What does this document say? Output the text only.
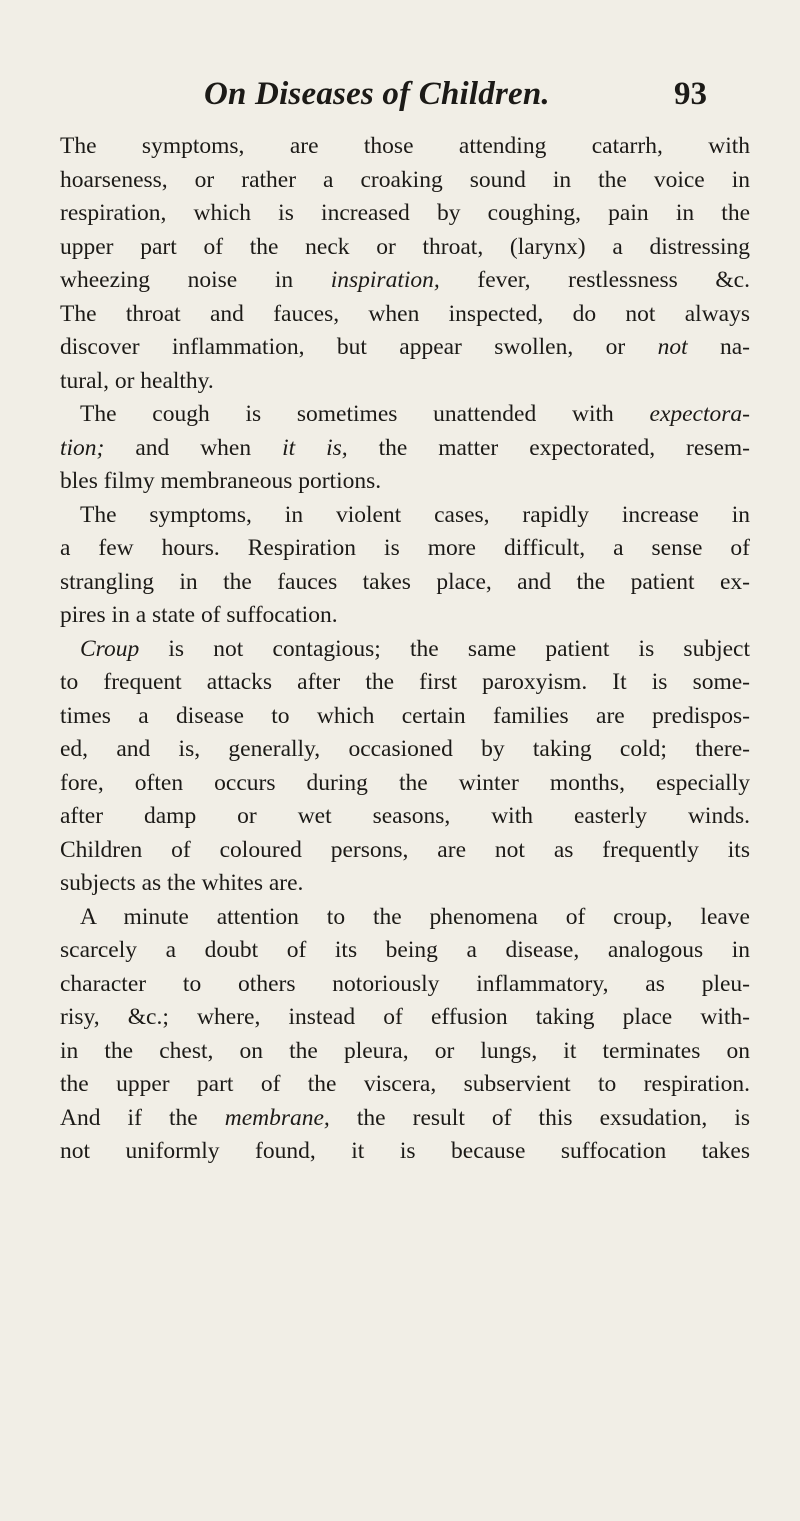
On Diseases of Children.	93
The symptoms, are those attending catarrh, with
hoarseness, or rather a croaking sound in the voice in
respiration, which is increased by coughing, pain in the
upper part of the neck or throat, (larynx) a distressing
wheezing noise in inspiration, fever, restlessness &c.
The throat and fauces, when inspected, do not always
discover inflammation, but appear swollen, or not na-
tural, or healthy.
The cough is sometimes unattended with expectora-
tion; and when it is, the matter expectorated, resem-
bles filmy membraneous portions.
The symptoms, in violent cases, rapidly increase in
a few hours. Respiration is more difficult, a sense of
strangling in the fauces takes place, and the patient ex-
pires in a state of suffocation.
Croup is not contagious; the same patient is subject
to frequent attacks after the first paroxyism. It is some-
times a disease to which certain families are predispos-
ed, and is, generally, occasioned by taking cold; there-
fore, often occurs during the winter months, especially
after damp or wet seasons, with easterly winds.
Children of coloured persons, are not as frequently its
subjects as the whites are.
A minute attention to the phenomena of croup, leave
scarcely a doubt of its being a disease, analogous in
character to others notoriously inflammatory, as pleu-
risy, &c.; where, instead of effusion taking place with-
in the chest, on the pleura, or lungs, it terminates on
the upper part of the viscera, subservient to respiration.
And if the membrane, the result of this exsudation, is
not uniformly found, it is because suffocation takes
